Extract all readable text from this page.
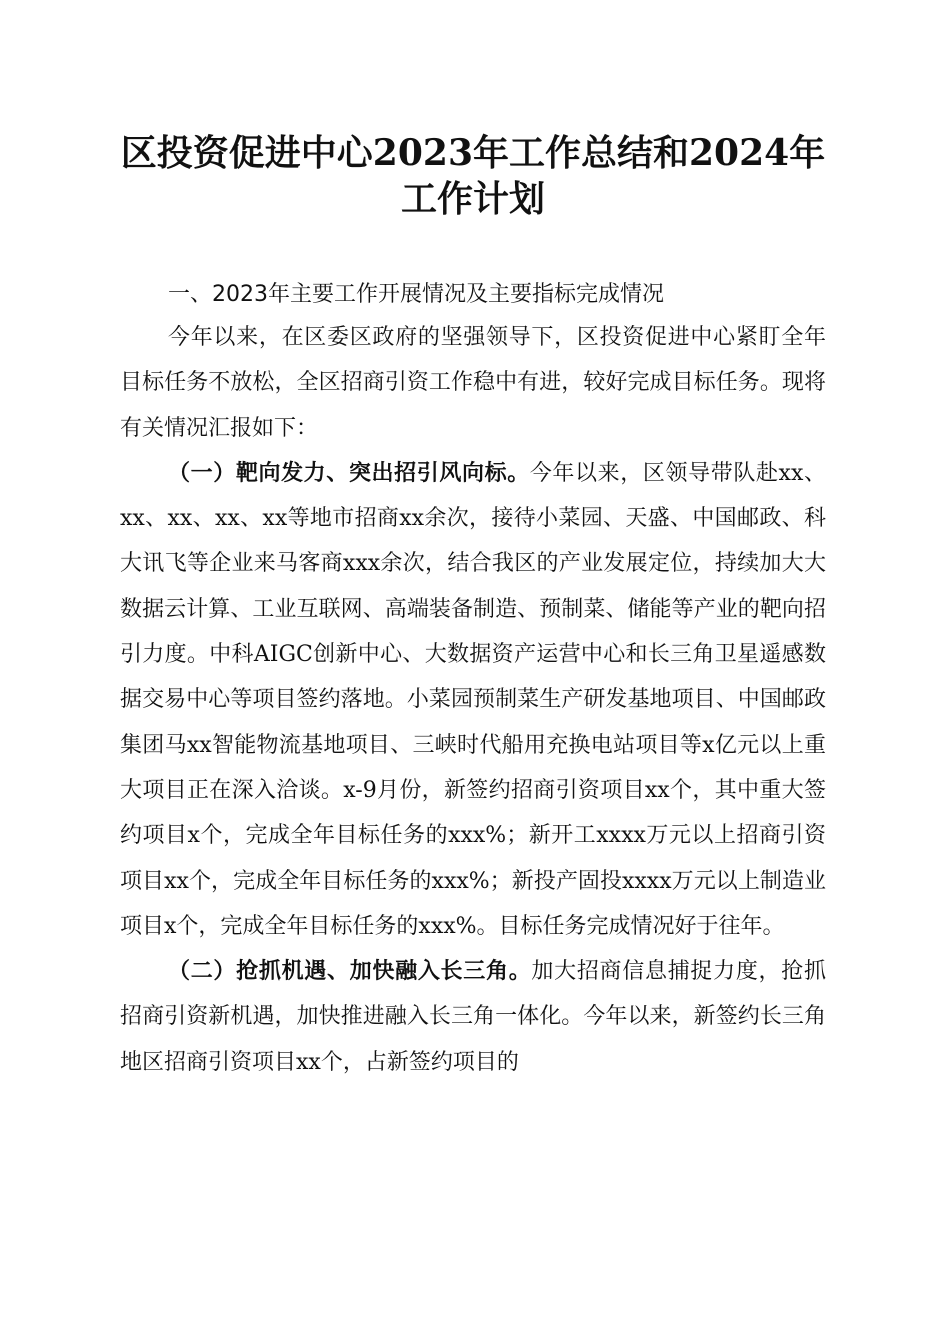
区投资促进中心2023年工作总结和2024年工作计划

一、2023年主要工作开展情况及主要指标完成情况

今年以来，在区委区政府的坚强领导下，区投资促进中心紧盯全年目标任务不放松，全区招商引资工作稳中有进，较好完成目标任务。现将有关情况汇报如下：

（一）靶向发力、突出招引风向标。今年以来，区领导带队赴xx、xx、xx、xx、xx等地市招商xx余次，接待小菜园、天盛、中国邮政、科大讯飞等企业来马客商xxx余次，结合我区的产业发展定位，持续加大大数据云计算、工业互联网、高端装备制造、预制菜、储能等产业的靶向招引力度。中科AIGC创新中心、大数据资产运营中心和长三角卫星遥感数据交易中心等项目签约落地。小菜园预制菜生产研发基地项目、中国邮政集团马xx智能物流基地项目、三峡时代船用充换电站项目等x亿元以上重大项目正在深入洽谈。x-9月份，新签约招商引资项目xx个，其中重大签约项目x个，完成全年目标任务的xxx%；新开工xxxx万元以上招商引资项目xx个，完成全年目标任务的xxx%；新投产固投xxxx万元以上制造业项目x个，完成全年目标任务的xxx%。目标任务完成情况好于往年。

（二）抢抓机遇、加快融入长三角。加大招商信息捕捉力度，抢抓招商引资新机遇，加快推进融入长三角一体化。今年以来，新签约长三角地区招商引资项目xx个，占新签约项目的
